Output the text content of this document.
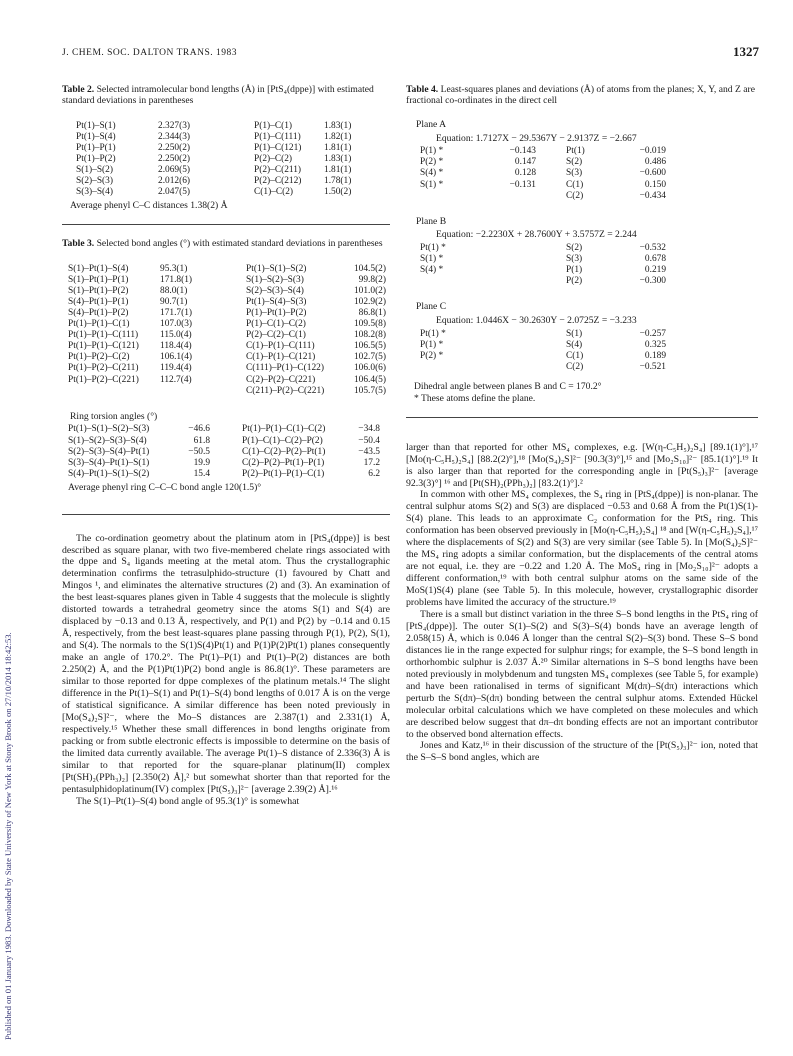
Published on 01 January 1983. Downloaded by State University of New York at Stony Brook on 27/10/2014 18:42:53.
J. CHEM. SOC. DALTON TRANS. 1983	1327

Table 2. Selected intramolecular bond lengths (Å) in [PtS₄(dppe)] with estimated standard deviations in parentheses

Pt(1)–S(1)	2.327(3)	P(1)–C(1)	1.83(1)
Pt(1)–S(4)	2.344(3)	P(1)–C(111)	1.82(1)
Pt(1)–P(1)	2.250(2)	P(1)–C(121)	1.81(1)
Pt(1)–P(2)	2.250(2)	P(2)–C(2)	1.83(1)
S(1)–S(2)	2.069(5)	P(2)–C(211)	1.81(1)
S(2)–S(3)	2.012(6)	P(2)–C(212)	1.78(1)
S(3)–S(4)	2.047(5)	C(1)–C(2)	1.50(2)
Average phenyl C–C distances 1.38(2) Å

Table 3. Selected bond angles (°) with estimated standard deviations in parentheses

S(1)–Pt(1)–S(4)	95.3(1)	Pt(1)–S(1)–S(2)	104.5(2)
S(1)–Pt(1)–P(1)	171.8(1)	S(1)–S(2)–S(3)	99.8(2)
S(1)–Pt(1)–P(2)	88.0(1)	S(2)–S(3)–S(4)	101.0(2)
S(4)–Pt(1)–P(1)	90.7(1)	Pt(1)–S(4)–S(3)	102.9(2)
S(4)–Pt(1)–P(2)	171.7(1)	P(1)–Pt(1)–P(2)	86.8(1)
Pt(1)–P(1)–C(1)	107.0(3)	P(1)–C(1)–C(2)	109.5(8)
Pt(1)–P(1)–C(111)	115.0(4)	P(2)–C(2)–C(1)	108.2(8)
Pt(1)–P(1)–C(121)	118.4(4)	C(1)–P(1)–C(111)	106.5(5)
Pt(1)–P(2)–C(2)	106.1(4)	C(1)–P(1)–C(121)	102.7(5)
Pt(1)–P(2)–C(211)	119.4(4)	C(111)–P(1)–C(122)	106.0(6)
Pt(1)–P(2)–C(221)	112.7(4)	C(2)–P(2)–C(221)	106.4(5)
		C(211)–P(2)–C(221)	105.7(5)
Ring torsion angles (°)
Pt(1)–S(1)–S(2)–S(3)	−46.6	Pt(1)–P(1)–C(1)–C(2)	−34.8
S(1)–S(2)–S(3)–S(4)	61.8	P(1)–C(1)–C(2)–P(2)	−50.4
S(2)–S(3)–S(4)–Pt(1)	−50.5	C(1)–C(2)–P(2)–Pt(1)	−43.5
S(3)–S(4)–Pt(1)–S(1)	19.9	C(2)–P(2)–Pt(1)–P(1)	17.2
S(4)–Pt(1)–S(1)–S(2)	15.4	P(2)–Pt(1)–P(1)–C(1)	6.2
Average phenyl ring C–C–C bond angle 120(1.5)°

The co-ordination geometry about the platinum atom in [PtS₄(dppe)] is best described as square planar, with two five-membered chelate rings associated with the dppe and S₄ ligands meeting at the metal atom. Thus the crystallographic determination confirms the tetrasulphido-structure (1) favoured by Chatt and Mingos ¹, and eliminates the alternative structures (2) and (3). An examination of the best least-squares planes given in Table 4 suggests that the molecule is slightly distorted towards a tetrahedral geometry since the atoms S(1) and S(4) are displaced by −0.13 and 0.13 Å, respectively, and P(1) and P(2) by −0.14 and 0.15 Å, respectively, from the best least-squares plane passing through P(1), P(2), S(1), and S(4). The normals to the S(1)S(4)Pt(1) and P(1)P(2)Pt(1) planes consequently make an angle of 170.2°. The Pt(1)–P(1) and Pt(1)–P(2) distances are both 2.250(2) Å, and the P(1)Pt(1)P(2) bond angle is 86.8(1)°. These parameters are similar to those reported for dppe complexes of the platinum metals.¹⁴ The slight difference in the Pt(1)–S(1) and Pt(1)–S(4) bond lengths of 0.017 Å is on the verge of statistical significance. A similar difference has been noted previously in [Mo(S₄)₂S]²⁻, where the Mo–S distances are 2.387(1) and 2.331(1) Å, respectively.¹⁵ Whether these small differences in bond lengths originate from packing or from subtle electronic effects is impossible to determine on the basis of the limited data currently available. The average Pt(1)–S distance of 2.336(3) Å is similar to that reported for the square-planar platinum(II) complex [Pt(SH)₂(PPh₃)₂] [2.350(2) Å],² but somewhat shorter than that reported for the pentasulphidoplatinum(IV) complex [Pt(S₅)₃]²⁻ [average 2.39(2) Å].¹⁶

The S(1)–Pt(1)–S(4) bond angle of 95.3(1)° is somewhat

Table 4. Least-squares planes and deviations (Å) of atoms from the planes; X, Y, and Z are fractional co-ordinates in the direct cell

Plane A
Equation: 1.7127X − 29.5367Y − 2.9137Z = −2.667
P(1) *	−0.143	Pt(1)	−0.019
P(2) *	0.147	S(2)	0.486
S(4) *	0.128	S(3)	−0.600
S(1) *	−0.131	C(1)	0.150
		C(2)	−0.434
Plane B
Equation: −2.2230X + 28.7600Y + 3.5757Z = 2.244
Pt(1) *		S(2)	−0.532
S(1) *		S(3)	0.678
S(4) *		P(1)	0.219
		P(2)	−0.300
Plane C
Equation: 1.0446X − 30.2630Y − 2.0725Z = −3.233
Pt(1) *		S(1)	−0.257
P(1) *		S(4)	0.325
P(2) *		C(1)	0.189
		C(2)	−0.521
Dihedral angle between planes B and C = 170.2°
* These atoms define the plane.

larger than that reported for other MS₄ complexes, e.g. [W(η-C₅H₅)₂S₄] [89.1(1)°],¹⁷ [Mo(η-C₅H₅)₂S₄] [88.2(2)°],¹⁸ [Mo(S₄)₂S]²⁻ [90.3(3)°],¹⁵ and [Mo₂S₁₀]²⁻ [85.1(1)°].¹⁹ It is also larger than that reported for the corresponding angle in [Pt(S₅)₃]²⁻ [average 92.3(3)°] ¹⁶ and [Pt(SH)₂(PPh₃)₂] [83.2(1)°].²

In common with other MS₄ complexes, the S₄ ring in [PtS₄(dppe)] is non-planar. The central sulphur atoms S(2) and S(3) are displaced −0.53 and 0.68 Å from the Pt(1)S(1)-S(4) plane. This leads to an approximate C₂ conformation for the PtS₄ ring. This conformation has been observed previously in [Mo(η-C₅H₅)₂S₄] ¹⁸ and [W(η-C₅H₅)₂S₄],¹⁷ where the displacements of S(2) and S(3) are very similar (see Table 5). In [Mo(S₄)₂S]²⁻ the MS₄ ring adopts a similar conformation, but the displacements of the central atoms are not equal, i.e. they are −0.22 and 1.20 Å. The MoS₄ ring in [Mo₂S₁₀]²⁻ adopts a different conformation,¹⁹ with both central sulphur atoms on the same side of the MoS(1)S(4) plane (see Table 5). In this molecule, however, crystallographic disorder problems have limited the accuracy of the structure.¹⁹

There is a small but distinct variation in the three S–S bond lengths in the PtS₄ ring of [PtS₄(dppe)]. The outer S(1)–S(2) and S(3)–S(4) bonds have an average length of 2.058(15) Å, which is 0.046 Å longer than the central S(2)–S(3) bond. These S–S bond distances lie in the range expected for sulphur rings; for example, the S–S bond length in orthorhombic sulphur is 2.037 Å.²⁰ Similar alternations in S–S bond lengths have been noted previously in molybdenum and tungsten MS₄ complexes (see Table 5, for example) and have been rationalised in terms of significant M(dπ)–S(dπ) interactions which perturb the S(dπ)–S(dπ) bonding between the central sulphur atoms. Extended Hückel molecular orbital calculations which we have completed on these molecules and which are described below suggest that dπ–dπ bonding effects are not an important contributor to the observed bond alternation effects.

Jones and Katz,¹⁶ in their discussion of the structure of the [Pt(S₅)₃]²⁻ ion, noted that the S–S–S bond angles, which are
